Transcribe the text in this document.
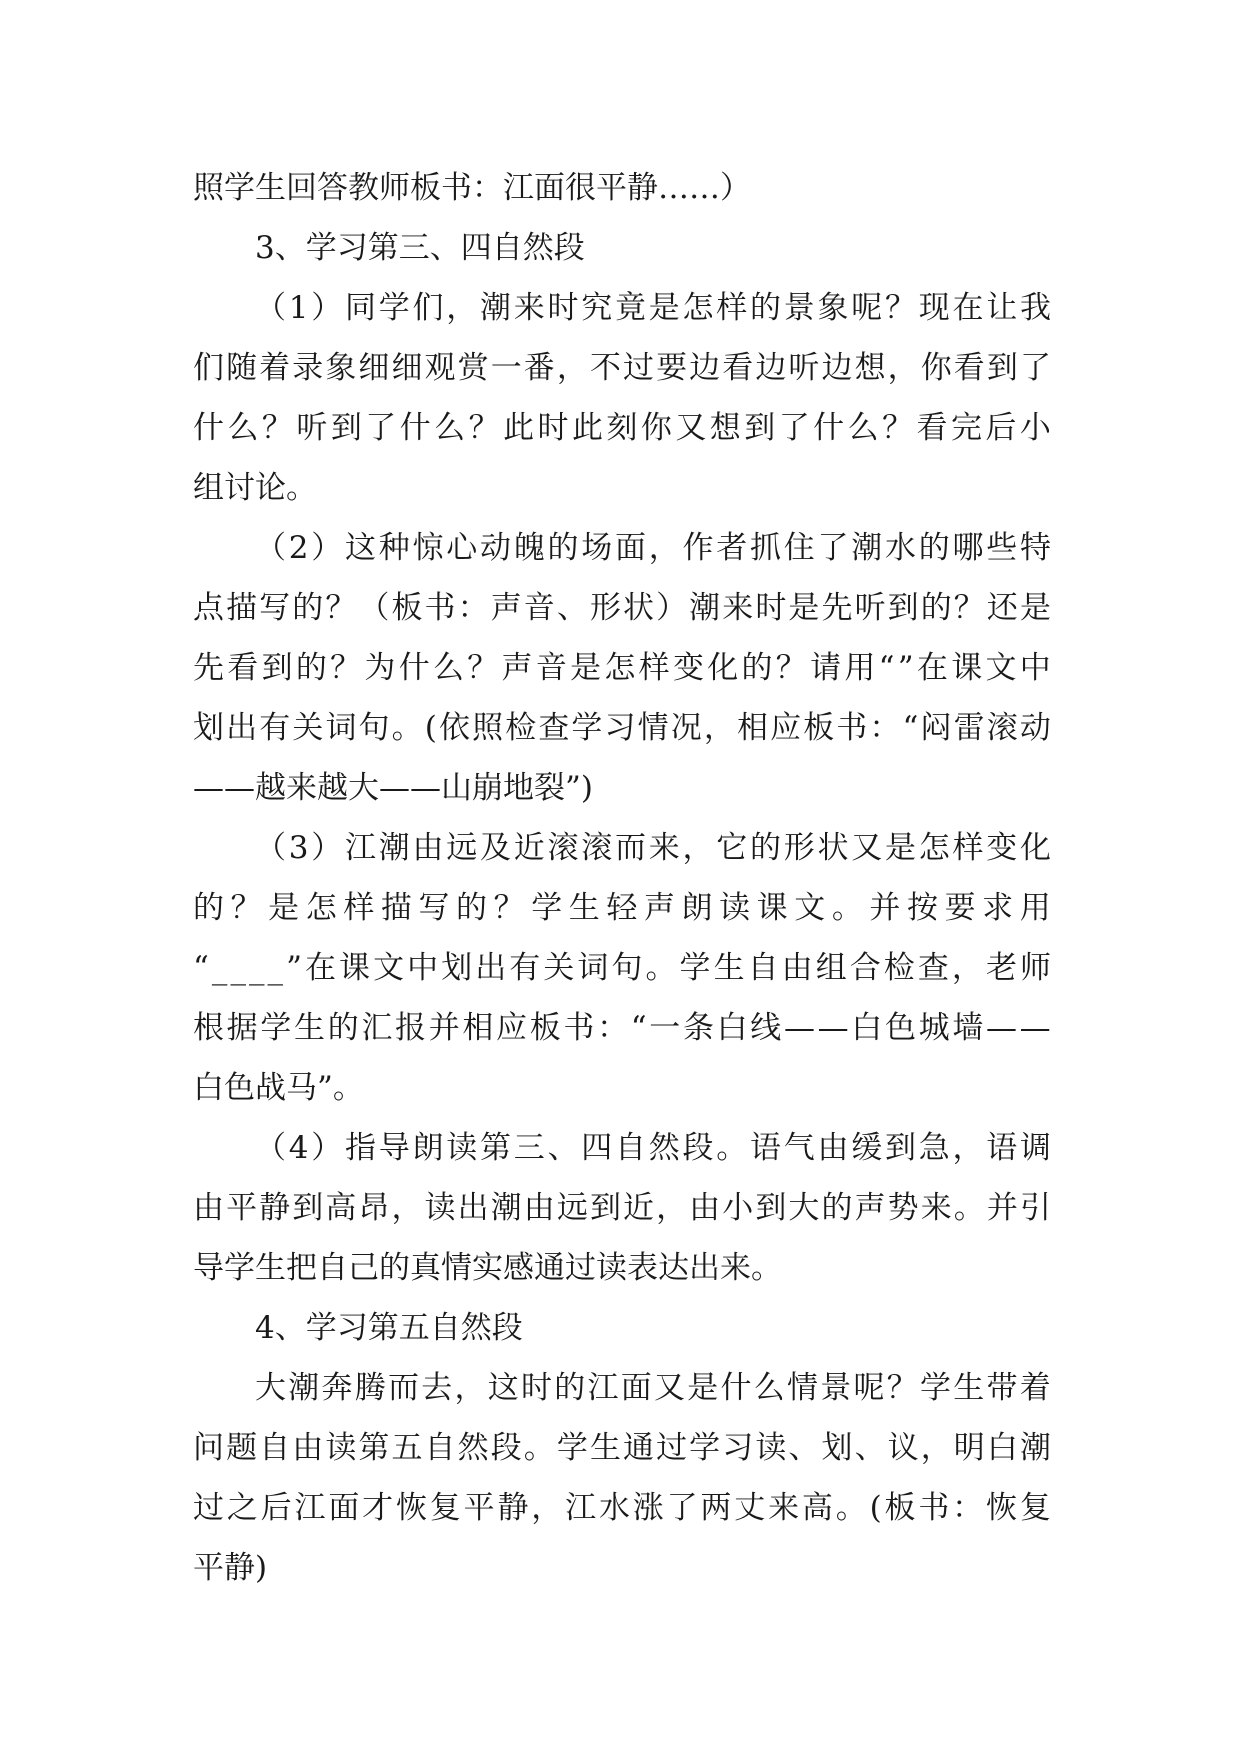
照学生回答教师板书：江面很平静……）
3、学习第三、四自然段
（ 1 ） 同 学 们 ， 潮 来 时 究 竟 是 怎 样 的 景 象 呢 ？ 现 在 让 我
们 随 着 录 象 细 细 观 赏 一 番 ， 不 过 要 边 看 边 听 边 想 ， 你 看 到 了
什 么 ？ 听 到 了 什 么 ？ 此 时 此 刻 你 又 想 到 了 什 么 ？ 看 完 后 小
组讨论。
（ 2 ） 这 种 惊 心 动 魄 的 场 面 ， 作 者 抓 住 了 潮 水 的 哪 些 特
点 描 写 的 ？ （ 板 书 ： 声 音 、 形 状 ） 潮 来 时 是 先 听 到 的 ？ 还 是
先 看 到 的 ？ 为 什 么 ？ 声 音 是 怎 样 变 化 的 ？ 请 用 “ ” 在 课 文 中
划 出 有 关 词 句 。 ( 依 照 检 查 学 习 情 况 ， 相 应 板 书 ： “ 闷 雷 滚 动
——越来越大——山崩地裂”)
（ 3 ） 江 潮 由 远 及 近 滚 滚 而 来 ， 它 的 形 状 又 是 怎 样 变 化
的 ？ 是 怎 样 描 写 的 ？ 学 生 轻 声 朗 读 课 文 。 并 按 要 求 用
“ _ _ _ _ ” 在 课 文 中 划 出 有 关 词 句 。 学 生 自 由 组 合 检 查 ， 老 师
根 据 学 生 的 汇 报 并 相 应 板 书 ： “ 一 条 白 线 — — 白 色 城 墙 — —
白色战马”。
（ 4 ） 指 导 朗 读 第 三 、 四 自 然 段 。 语 气 由 缓 到 急 ， 语 调
由 平 静 到 高 昂 ， 读 出 潮 由 远 到 近 ， 由 小 到 大 的 声 势 来 。 并 引
导学生把自己的真情实感通过读表达出来。
4、学习第五自然段
大 潮 奔 腾 而 去 ， 这 时 的 江 面 又 是 什 么 情 景 呢 ？ 学 生 带 着
问 题 自 由 读 第 五 自 然 段 。 学 生 通 过 学 习 读 、 划 、 议 ， 明 白 潮
过 之 后 江 面 才 恢 复 平 静 ， 江 水 涨 了 两 丈 来 高 。 ( 板 书 ： 恢 复
平静)
